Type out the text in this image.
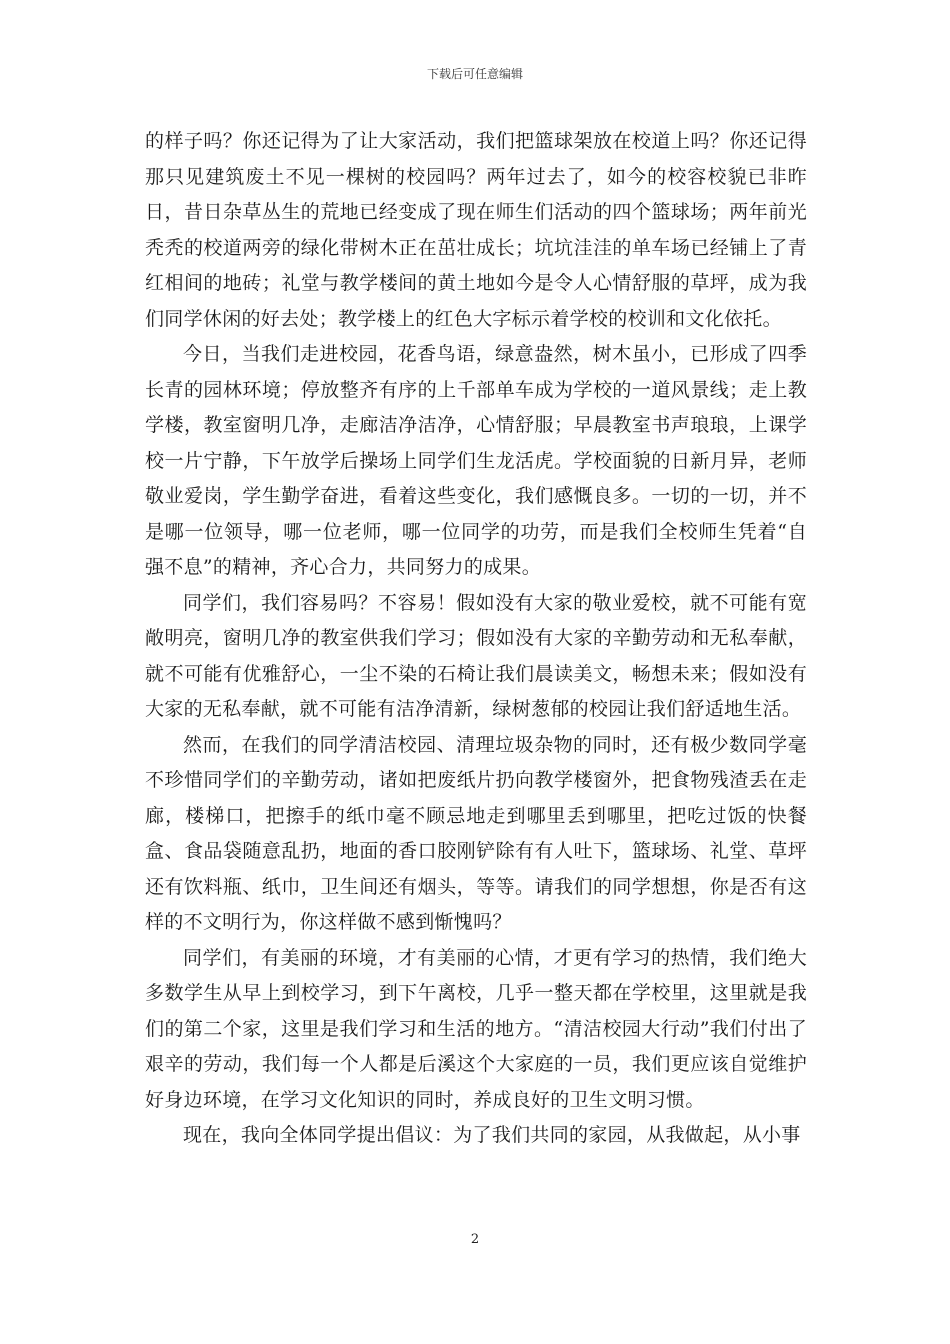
下载后可任意编辑

的样子吗？你还记得为了让大家活动，我们把篮球架放在校道上吗？你还记得那只见建筑废土不见一棵树的校园吗？两年过去了，如今的校容校貌已非昨日，昔日杂草丛生的荒地已经变成了现在师生们活动的四个篮球场；两年前光秃秃的校道两旁的绿化带树木正在茁壮成长；坑坑洼洼的单车场已经铺上了青红相间的地砖；礼堂与教学楼间的黄土地如今是令人心情舒服的草坪，成为我们同学休闲的好去处；教学楼上的红色大字标示着学校的校训和文化依托。

今日，当我们走进校园，花香鸟语，绿意盎然，树木虽小，已形成了四季长青的园林环境；停放整齐有序的上千部单车成为学校的一道风景线；走上教学楼，教室窗明几净，走廊洁净洁净，心情舒服；早晨教室书声琅琅，上课学校一片宁静，下午放学后操场上同学们生龙活虎。学校面貌的日新月异，老师敬业爱岗，学生勤学奋进，看着这些变化，我们感慨良多。一切的一切，并不是哪一位领导，哪一位老师，哪一位同学的功劳，而是我们全校师生凭着“自强不息”的精神，齐心合力，共同努力的成果。

同学们，我们容易吗？不容易！假如没有大家的敬业爱校，就不可能有宽敞明亮，窗明几净的教室供我们学习；假如没有大家的辛勤劳动和无私奉献，就不可能有优雅舒心，一尘不染的石椅让我们晨读美文，畅想未来；假如没有大家的无私奉献，就不可能有洁净清新，绿树葱郁的校园让我们舒适地生活。

然而，在我们的同学清洁校园、清理垃圾杂物的同时，还有极少数同学毫不珍惜同学们的辛勤劳动，诸如把废纸片扔向教学楼窗外，把食物残渣丢在走廊，楼梯口，把擦手的纸巾毫不顾忌地走到哪里丢到哪里，把吃过饭的快餐盒、食品袋随意乱扔，地面的香口胶刚铲除有有人吐下，篮球场、礼堂、草坪还有饮料瓶、纸巾，卫生间还有烟头，等等。请我们的同学想想，你是否有这样的不文明行为，你这样做不感到惭愧吗？

同学们，有美丽的环境，才有美丽的心情，才更有学习的热情，我们绝大多数学生从早上到校学习，到下午离校，几乎一整天都在学校里，这里就是我们的第二个家，这里是我们学习和生活的地方。“清洁校园大行动”我们付出了艰辛的劳动，我们每一个人都是后溪这个大家庭的一员，我们更应该自觉维护好身边环境，在学习文化知识的同时，养成良好的卫生文明习惯。

现在，我向全体同学提出倡议：为了我们共同的家园，从我做起，从小事

2
